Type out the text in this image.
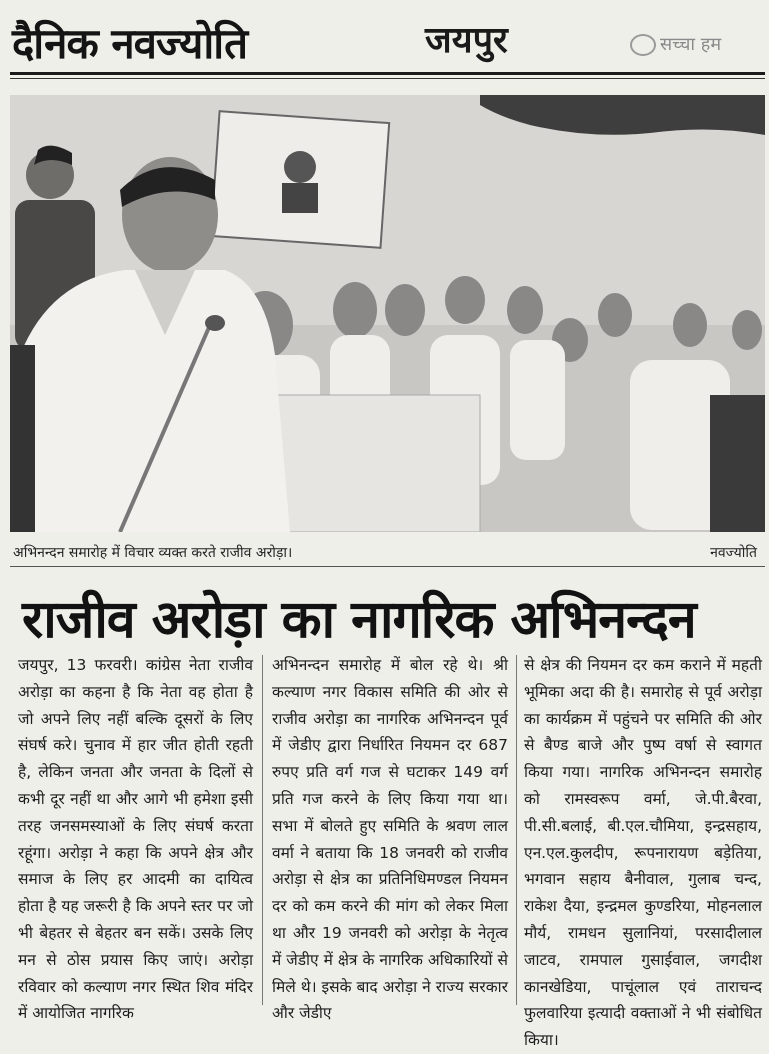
दैनिक नवज्योति	जयपुर	सच्चा हम
अभिनन्दन समारोह में विचार व्यक्त करते राजीव अरोड़ा।	नवज्योति
राजीव अरोड़ा का नागरिक अभिनन्दन

जयपुर, 13 फरवरी। कांग्रेस नेता राजीव अरोड़ा का कहना है कि नेता वह होता है जो अपने लिए नहीं बल्कि दूसरों के लिए संघर्ष करे। चुनाव में हार जीत होती रहती है, लेकिन जनता और जनता के दिलों से कभी दूर नहीं था और आगे भी हमेशा इसी तरह जनसमस्याओं के लिए संघर्ष करता रहूंगा। अरोड़ा ने कहा कि अपने क्षेत्र और समाज के लिए हर आदमी का दायित्व होता है यह जरूरी है कि अपने स्तर पर जो भी बेहतर से बेहतर बन सकें। उसके लिए मन से ठोस प्रयास किए जाएं। अरोड़ा रविवार को कल्याण नगर स्थित शिव मंदिर में आयोजित नागरिक

अभिनन्दन समारोह में बोल रहे थे। श्री कल्याण नगर विकास समिति की ओर से राजीव अरोड़ा का नागरिक अभिनन्दन पूर्व में जेडीए द्वारा निर्धारित नियमन दर 687 रुपए प्रति वर्ग गज से घटाकर 149 वर्ग प्रति गज करने के लिए किया गया था। सभा में बोलते हुए समिति के श्रवण लाल वर्मा ने बताया कि 18 जनवरी को राजीव अरोड़ा से क्षेत्र का प्रतिनिधिमण्डल नियमन दर को कम करने की मांग को लेकर मिला था और 19 जनवरी को अरोड़ा के नेतृत्व में जेडीए में क्षेत्र के नागरिक अधिकारियों से मिले थे। इसके बाद अरोड़ा ने राज्य सरकार और जेडीए

से क्षेत्र की नियमन दर कम कराने में महती भूमिका अदा की है। समारोह से पूर्व अरोड़ा का कार्यक्रम में पहुंचने पर समिति की ओर से बैण्ड बाजे और पुष्प वर्षा से स्वागत किया गया। नागरिक अभिनन्दन समारोह को रामस्वरूप वर्मा, जे.पी.बैरवा, पी.सी.बलाई, बी.एल.चौमिया, इन्द्रसहाय, एन.एल.कुलदीप, रूपनारायण बड़ेतिया, भगवान सहाय बैनीवाल, गुलाब चन्द, राकेश दैया, इन्द्रमल कुण्डरिया, मोहनलाल मौर्य, रामधन सुलानियां, परसादीलाल जाटव, रामपाल गुसाईवाल, जगदीश कानखेडिया, पाचूंलाल एवं ताराचन्द फुलवारिया इत्यादी वक्ताओं ने भी संबोधित किया।
